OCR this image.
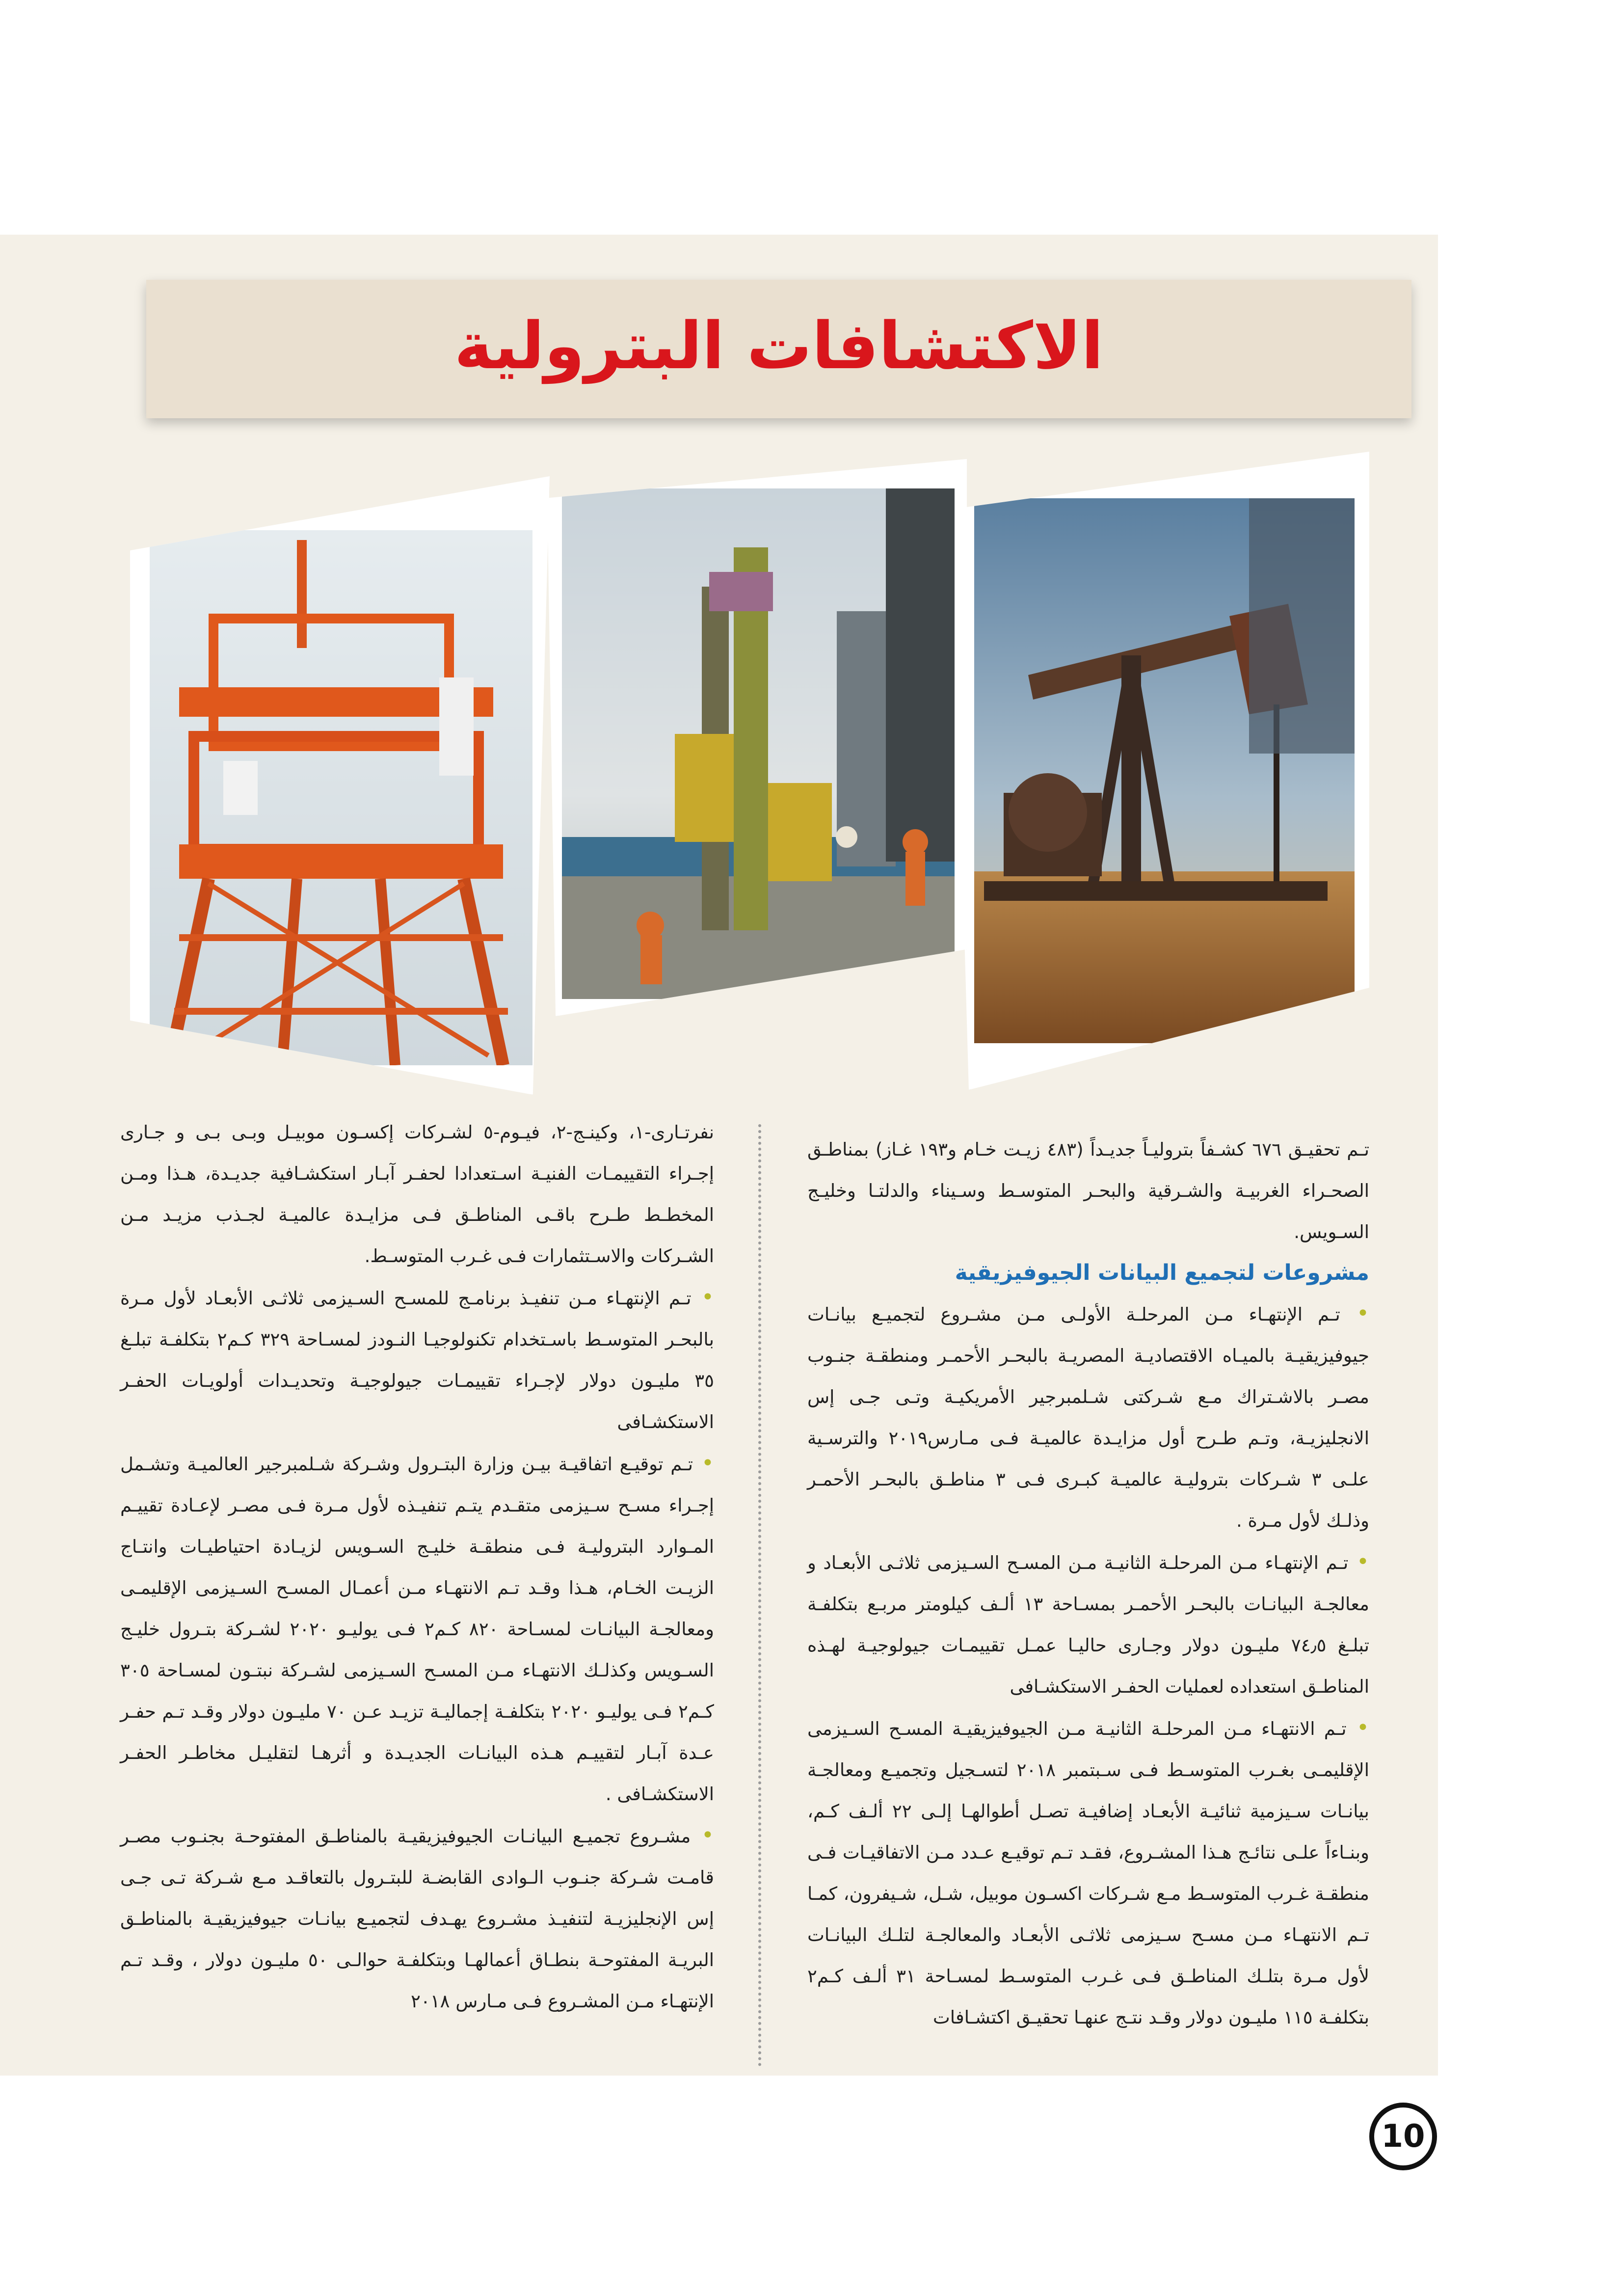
الاكتشافات البترولية

تـم تحقيـق ٦٧٦ كشـفاً بتروليـاً جديـداً (٤٨٣ زيـت خـام و١٩٣ غـاز) بمناطـق الصحـراء الغربيـة والشـرقية والبحـر المتوسـط وسـيناء والدلتـا وخليـج السـويس.

مشروعات لتجميع البيانات الجيوفيزيقية

• تـم الإنتهـاء مـن المرحلـة الأولـى مـن مشـروع لتجميـع بيانـات جيوفيزيقيـة بالميـاه الاقتصاديـة المصريـة بالبحـر الأحمـر ومنطقـة جنـوب مصـر بالاشـتراك مـع شـركتى شـلمبرجير الأمريكيـة وتـى جـى إس الانجليزيـة، وتـم طـرح أول مزايـدة عالميـة فـى مـارس٢٠١٩ والترسـية علـى ٣ شـركات بتروليـة عالميـة كبـرى فـى ٣ مناطـق بالبحـر الأحمـر وذلـك لأول مـرة .

• تـم الإنتهـاء مـن المرحلـة الثانيـة مـن المسـح السـيزمى ثلاثـى الأبعـاد و معالجـة البيانـات بالبحـر الأحمـر بمسـاحة ١٣ ألـف كيلومتر مربـع بتكلفـة تبلـغ ٧٤٫٥ مليـون دولار وجـارى حاليـا عمـل تقييمـات جيولوجيـة لهـذه المناطـق استعداده لعمليات الحفـر الاستكشـافى

• تـم الانتهـاء مـن المرحلـة الثانيـة مـن الجيوفيزيقيـة المسـح السـيزمى الإقليمـى بغـرب المتوسـط فـى سـبتمبر ٢٠١٨ لتسـجيل وتجميـع ومعالجـة بيانـات سـيزمية ثنائيـة الأبعـاد إضافيـة تصـل أطوالهـا إلـى ٢٢ ألـف كـم، وبنـاءاً علـى نتائـج هـذا المشـروع، فقـد تـم توقيـع عـدد مـن الاتفاقيـات فـى منطقـة غـرب المتوسـط مـع شـركات اكسـون موبيل، شـل، شـيفرون، كمـا تـم الانتهـاء مـن مسـح سـيزمى ثلاثـى الأبعـاد والمعالجـة لتلـك البيانـات لأول مـرة بتلـك المناطـق فـى غـرب المتوسـط لمسـاحة ٣١ ألـف كـم٢ بتكلفـة ١١٥ مليـون دولار وقـد نتـج عنهـا تحقيـق اكتشـافات

نفرتـارى-١، وكينـج-٢، فيـوم-٥ لشـركات إكسـون موبيـل وبـى بـى و جـارى إجـراء التقييمـات الفنيـة اسـتعدادا لحفـر آبـار استكشـافية جديـدة، هـذا ومـن المخطـط طـرح باقـى المناطـق فـى مزايـدة عالميـة لجـذب مزيـد مـن الشـركات والاسـتثمارات فـى غـرب المتوسـط.

• تـم الإنتهـاء مـن تنفيـذ برنامـج للمسـح السـيزمى ثلاثـى الأبعـاد لأول مـرة بالبحـر المتوسـط باسـتخدام تكنولوجيـا النـودز لمسـاحة ٣٢٩ كـم٢ بتكلفـة تبلـغ ٣٥ مليـون دولار لإجـراء تقييمـات جيولوجيـة وتحديـدات أولويـات الحفـر الاستكشـافى

• تـم توقيـع اتفاقيـة بيـن وزارة البتـرول وشـركة شـلمبرجير العالميـة وتشـمل إجـراء مسـح سـيزمى متقـدم يتـم تنفيـذه لأول مـرة فـى مصـر لإعـادة تقييـم المـوارد البتروليـة فـى منطقـة خليـج السـويس لزيـادة احتياطيـات وانتـاج الزيـت الخـام، هـذا وقـد تـم الانتهـاء مـن أعمـال المسـح السـيزمى الإقليمـى ومعالجـة البيانـات لمسـاحة ٨٢٠ كـم٢ فـى يوليـو ٢٠٢٠ لشـركة بتـرول خليـج السـويس وكذلـك الانتهـاء مـن المسـح السـيزمى لشـركة نبتـون لمسـاحة ٣٠٥ كـم٢ فـى يوليـو ٢٠٢٠ بتكلفـة إجماليـة تزيـد عـن ٧٠ مليـون دولار وقـد تـم حفـر عـدة آبـار لتقييـم هـذه البيانـات الجديـدة و أثرهـا لتقليـل مخاطـر الحفـر الاستكشـافى .

• مشـروع تجميـع البيانـات الجيوفيزيقيـة بالمناطـق المفتوحـة بجنـوب مصـر قامـت شـركة جنـوب الـوادى القابضـة للبتـرول بالتعاقـد مـع شـركة تـى جـى إس الإنجليزيـة لتنفيـذ مشـروع يهـدف لتجميـع بيانـات جيوفيزيقيـة بالمناطـق البريـة المفتوحـة بنطـاق أعمالهـا وبتكلفـة حوالـى ٥٠ مليـون دولار ، وقـد تـم الإنتهـاء مـن المشـروع فـى مـارس ٢٠١٨

10
